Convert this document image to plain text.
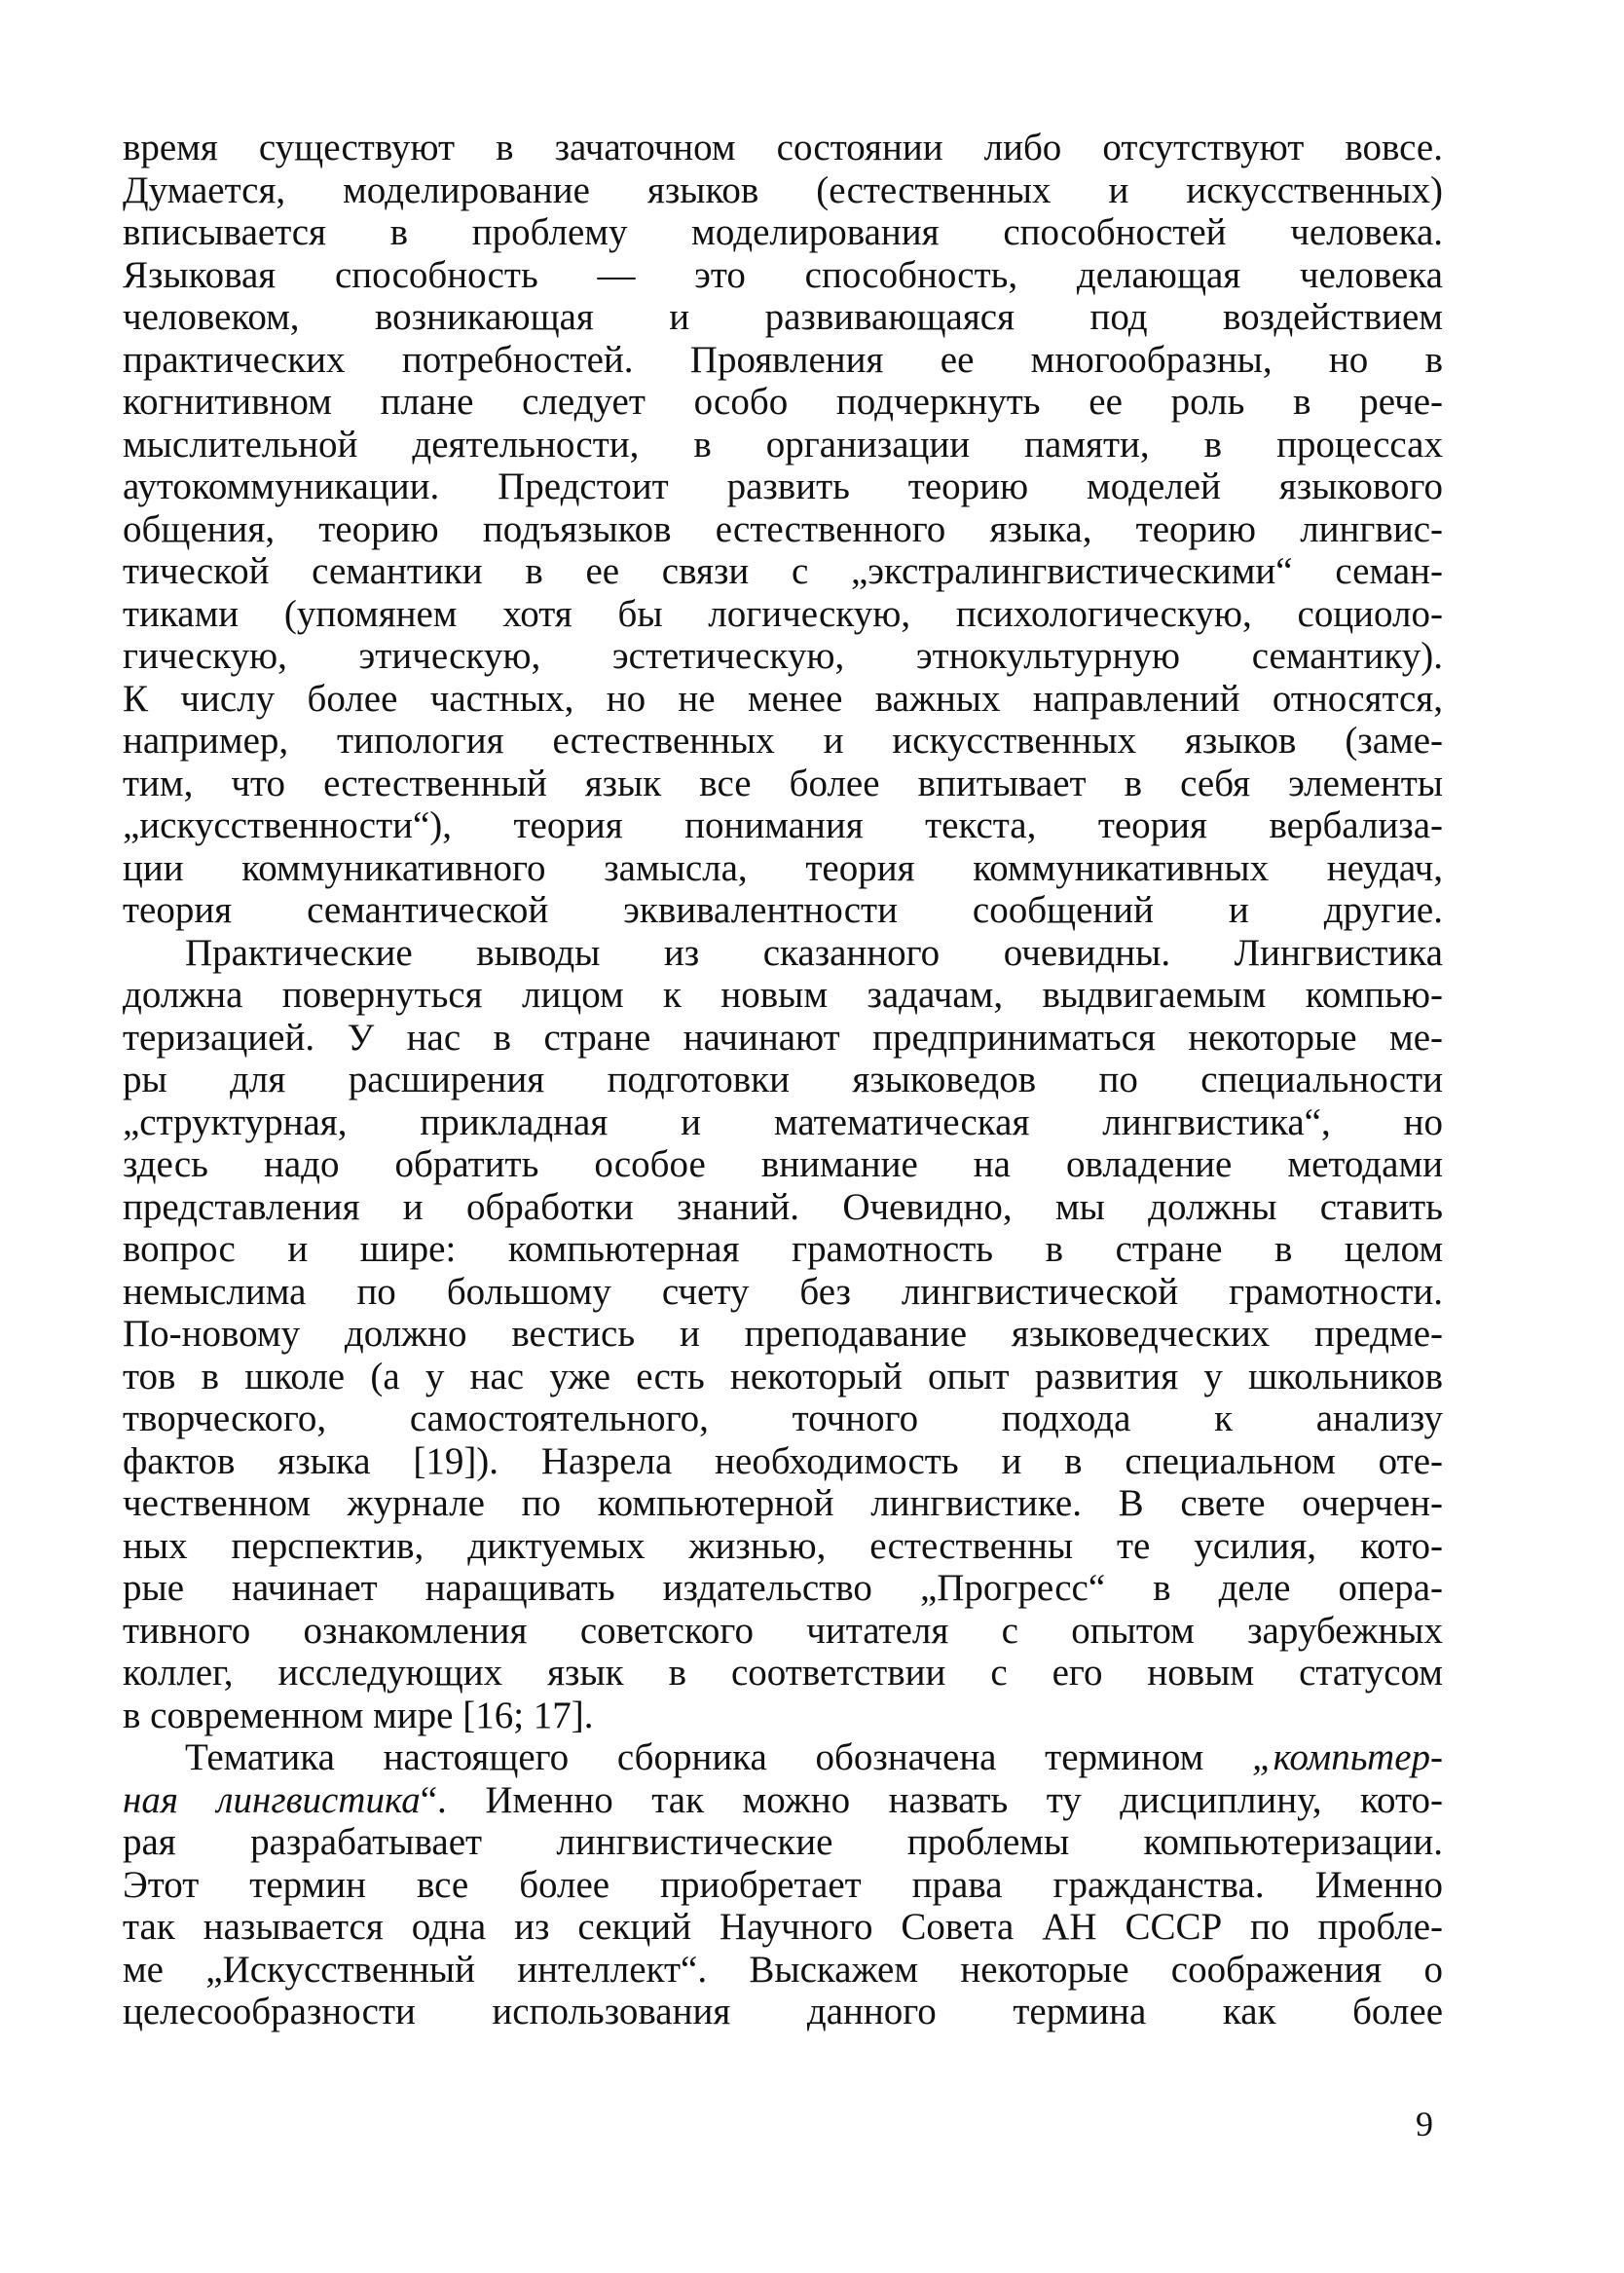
время существуют в зачаточном состоянии либо отсутствуют вовсе.
Думается, моделирование языков (естественных и искусственных)
вписывается в проблему моделирования способностей человека.
Языковая способность — это способность, делающая человека
человеком, возникающая и развивающаяся под воздействием
практических потребностей. Проявления ее многообразны, но в
когнитивном плане следует особо подчеркнуть ее роль в рече-
мыслительной деятельности, в организации памяти, в процессах
аутокоммуникации. Предстоит развить теорию моделей языкового
общения, теорию подъязыков естественного языка, теорию лингвис-
тической семантики в ее связи с „экстралингвистическими“ семан-
тиками (упомянем хотя бы логическую, психологическую, социоло-
гическую, этическую, эстетическую, этнокультурную семантику).
К числу более частных, но не менее важных направлений относятся,
например, типология естественных и искусственных языков (заме-
тим, что естественный язык все более впитывает в себя элементы
„искусственности“), теория понимания текста, теория вербализа-
ции коммуникативного замысла, теория коммуникативных неудач,
теория семантической эквивалентности сообщений и другие.
Практические выводы из сказанного очевидны. Лингвистика
должна повернуться лицом к новым задачам, выдвигаемым компью-
теризацией. У нас в стране начинают предприниматься некоторые ме-
ры для расширения подготовки языковедов по специальности
„структурная, прикладная и математическая лингвистика“, но
здесь надо обратить особое внимание на овладение методами
представления и обработки знаний. Очевидно, мы должны ставить
вопрос и шире: компьютерная грамотность в стране в целом
немыслима по большому счету без лингвистической грамотности.
По-новому должно вестись и преподавание языковедческих предме-
тов в школе (а у нас уже есть некоторый опыт развития у школьников
творческого, самостоятельного, точного подхода к анализу
фактов языка [19]). Назрела необходимость и в специальном оте-
чественном журнале по компьютерной лингвистике. В свете очерчен-
ных перспектив, диктуемых жизнью, естественны те усилия, кото-
рые начинает наращивать издательство „Прогресс“ в деле опера-
тивного ознакомления советского читателя с опытом зарубежных
коллег, исследующих язык в соответствии с его новым статусом
в современном мире [16; 17].
Тематика настоящего сборника обозначена термином „компьтер-
ная лингвистика“. Именно так можно назвать ту дисциплину, кото-
рая разрабатывает лингвистические проблемы компьютеризации.
Этот термин все более приобретает права гражданства. Именно
так называется одна из секций Научного Совета АН СССР по пробле-
ме „Искусственный интеллект“. Выскажем некоторые соображения о
целесообразности использования данного термина как более
9
